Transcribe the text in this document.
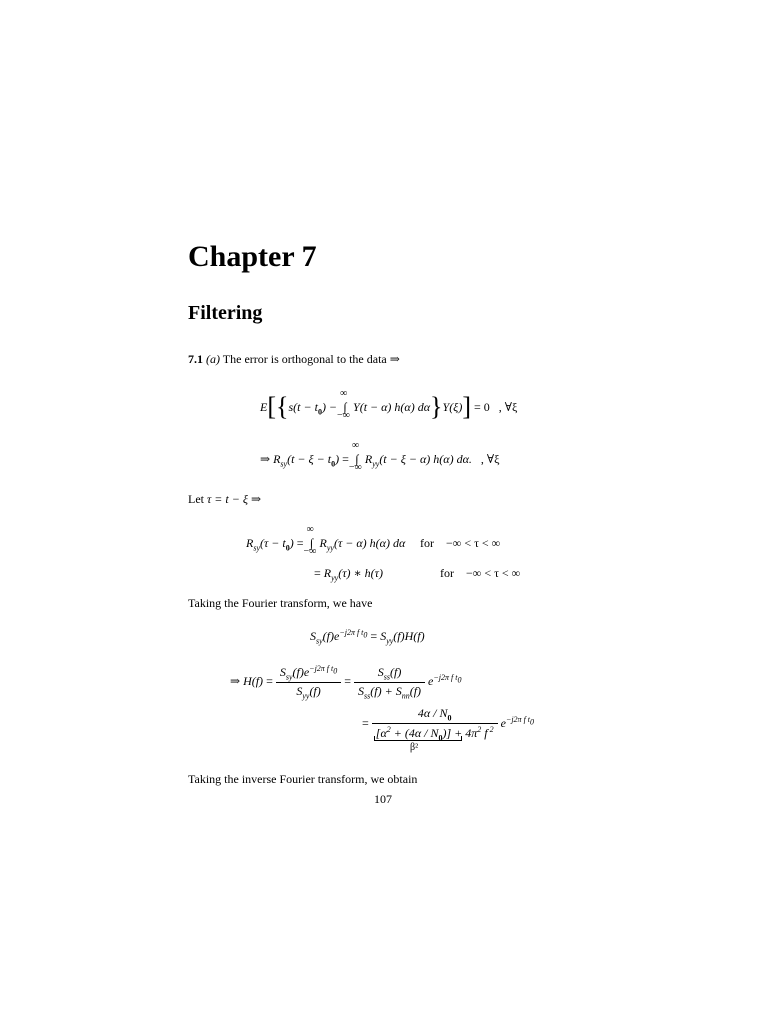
Chapter 7
Filtering
7.1 (a) The error is orthogonal to the data ⇒
$E[\{s(t - t_0)$ −
∞
∫
−∞
Y(t − α) h(α) dα}Y(ξ)] = 0 , ∀ξ
⇒ $R_{sy}(t - \xi - t_0)$ =
∞
∫
−∞
$R_{yy}(t - \xi - \alpha)$ h(α) dα. , ∀ξ
Let τ = t − ξ ⇒
$R_{sy}(\tau - t_0)$ =
∞
∫
−∞
$R_{yy}(\tau - \alpha)$ h(α) dα for −∞ < τ < ∞
= $R_{yy}(\tau)$ ∗ h(τ)	for −∞ < τ < ∞
Taking the Fourier transform, we have
$S_{sy}(f)e^{-j2\pi f t_0} = S_{yy}(f)H(f)$
⇒ $H(f) = \frac{S_{sy}(f)e^{-j2\pi f t_0}}{S_{yy}(f)} = \frac{S_{ss}(f)}{S_{ss}(f) + S_{nn}(f)} e^{-j2\pi f t_0}$
= $\frac{4\alpha / N_0}{[\alpha^2 + (4\alpha / N_0)] + 4\pi^2 f ^2} e^{-j2\pi f t_0}$
β²
Taking the inverse Fourier transform, we obtain
107
